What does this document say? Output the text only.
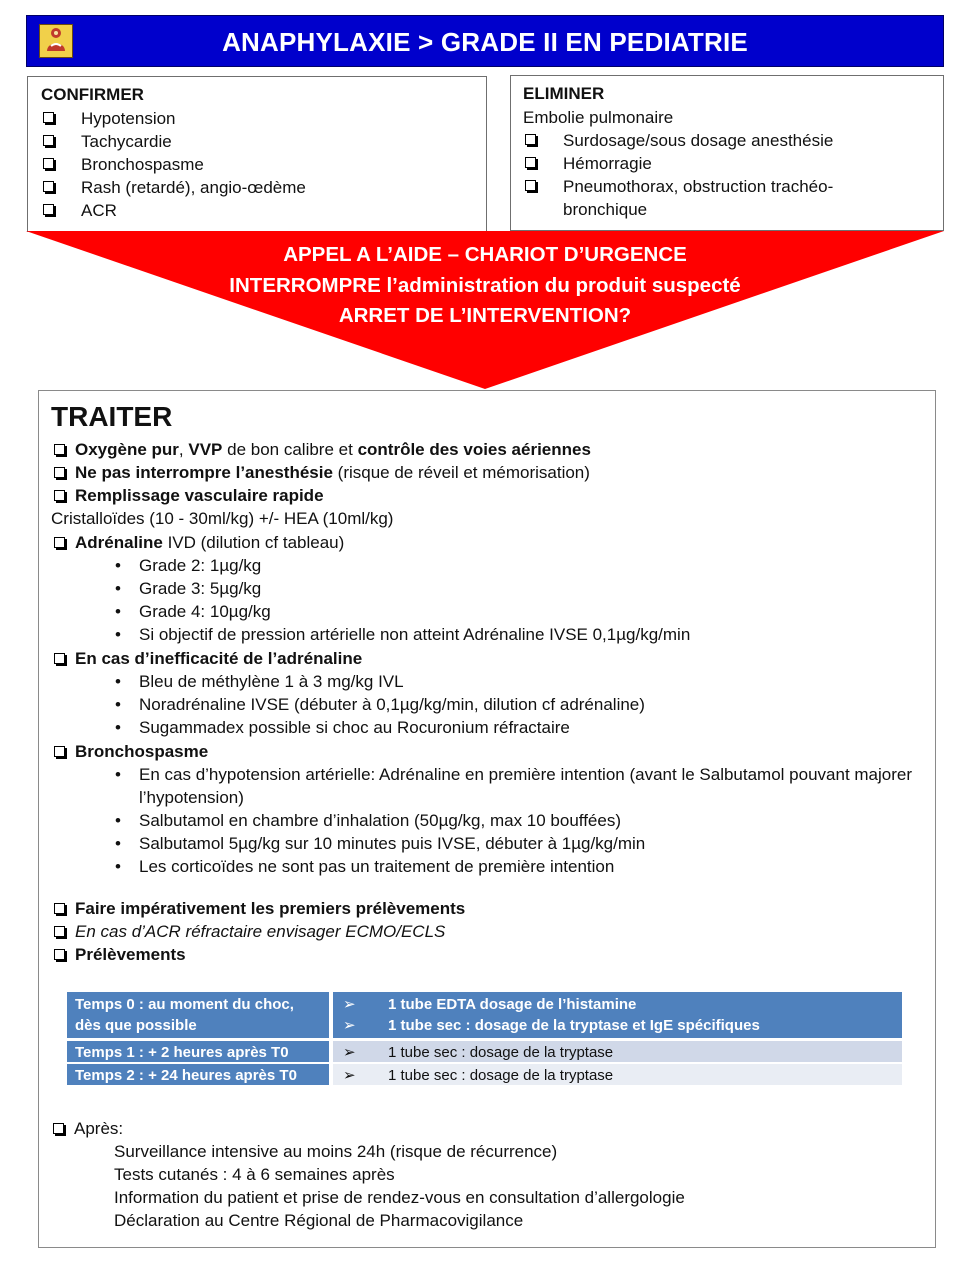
ANAPHYLAXIE > GRADE II EN PEDIATRIE
CONFIRMER
Hypotension
Tachycardie
Bronchospasme
Rash (retardé), angio-œdème
ACR
ELIMINER
Embolie pulmonaire
Surdosage/sous dosage anesthésie
Hémorragie
Pneumothorax, obstruction trachéo-
bronchique
APPEL A L’AIDE – CHARIOT D’URGENCE
INTERROMPRE l’administration du produit suspecté
ARRET DE L’INTERVENTION?
TRAITER
Oxygène pur, VVP de bon calibre et contrôle des voies aériennes
Ne pas interrompre l’anesthésie (risque de réveil et mémorisation)
Remplissage vasculaire rapide
Cristalloïdes (10 - 30ml/kg) +/- HEA (10ml/kg)
Adrénaline IVD (dilution cf tableau)
• Grade 2: 1µg/kg
• Grade 3: 5µg/kg
• Grade 4: 10µg/kg
• Si objectif de pression artérielle non atteint Adrénaline IVSE 0,1µg/kg/min
En cas d’inefficacité de l’adrénaline
• Bleu de méthylène 1 à 3 mg/kg IVL
• Noradrénaline IVSE (débuter à 0,1µg/kg/min, dilution cf adrénaline)
• Sugammadex possible si choc au Rocuronium réfractaire
Bronchospasme
• En cas d’hypotension artérielle: Adrénaline en première intention (avant le Salbutamol pouvant majorer l’hypotension)
• Salbutamol en chambre d’inhalation (50µg/kg, max 10 bouffées)
• Salbutamol 5µg/kg sur 10 minutes puis IVSE, débuter à 1µg/kg/min
• Les corticoïdes ne sont pas un traitement de première intention
Faire impérativement les premiers prélèvements
En cas d’ACR réfractaire envisager ECMO/ECLS
Prélèvements
Temps 0 : au moment du choc,
dès que possible
➢ 1 tube EDTA dosage de l’histamine
➢ 1 tube sec : dosage de la tryptase et IgE spécifiques
Temps 1 : + 2 heures après T0	➢ 1 tube sec : dosage de la tryptase
Temps 2 : + 24 heures après T0	➢ 1 tube sec : dosage de la tryptase
Après:
Surveillance intensive au moins 24h (risque de récurrence)
Tests cutanés : 4 à 6 semaines après
Information du patient et prise de rendez-vous en consultation d’allergologie
Déclaration au Centre Régional de Pharmacovigilance
